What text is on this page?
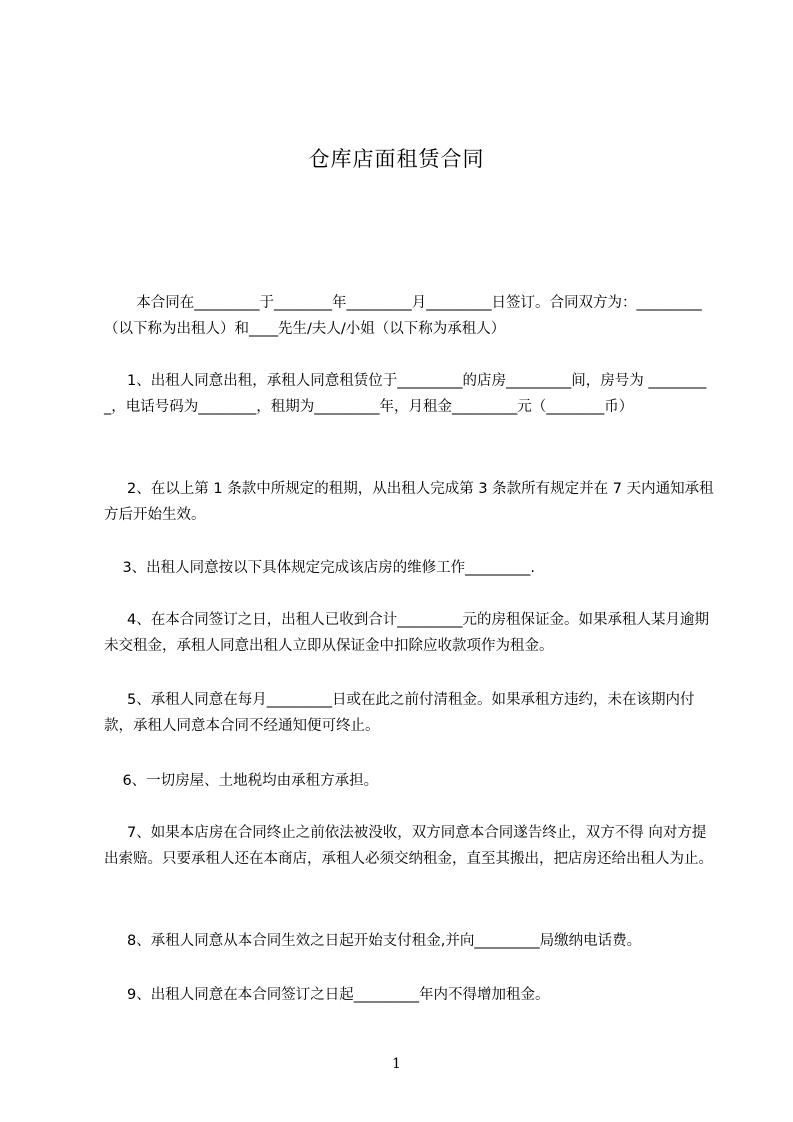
仓库店面租赁合同

本合同在_________于________年_________月_________日签订。合同双方为：_________（以下称为出租人）和____先生/夫人/小姐（以下称为承租人）

1、出租人同意出租，承租人同意租赁位于_________的店房_________间，房号为 _________，电话号码为________，租期为_________年，月租金_________元（________币）

2、在以上第 1 条款中所规定的租期，从出租人完成第 3 条款所有规定并在 7 天内通知承租方后开始生效。

3、出租人同意按以下具体规定完成该店房的维修工作_________.

4、在本合同签订之日，出租人已收到合计_________元的房租保证金。如果承租人某月逾期未交租金，承租人同意出租人立即从保证金中扣除应收款项作为租金。

5、承租人同意在每月_________日或在此之前付清租金。如果承租方违约，未在该期内付款，承租人同意本合同不经通知便可终止。

6、一切房屋、土地税均由承租方承担。

7、如果本店房在合同终止之前依法被没收，双方同意本合同遂告终止，双方不得 向对方提出索赔。只要承租人还在本商店，承租人必须交纳租金，直至其搬出，把店房还给出租人为止。

8、承租人同意从本合同生效之日起开始支付租金,并向_________局缴纳电话费。

9、出租人同意在本合同签订之日起_________年内不得增加租金。

1
